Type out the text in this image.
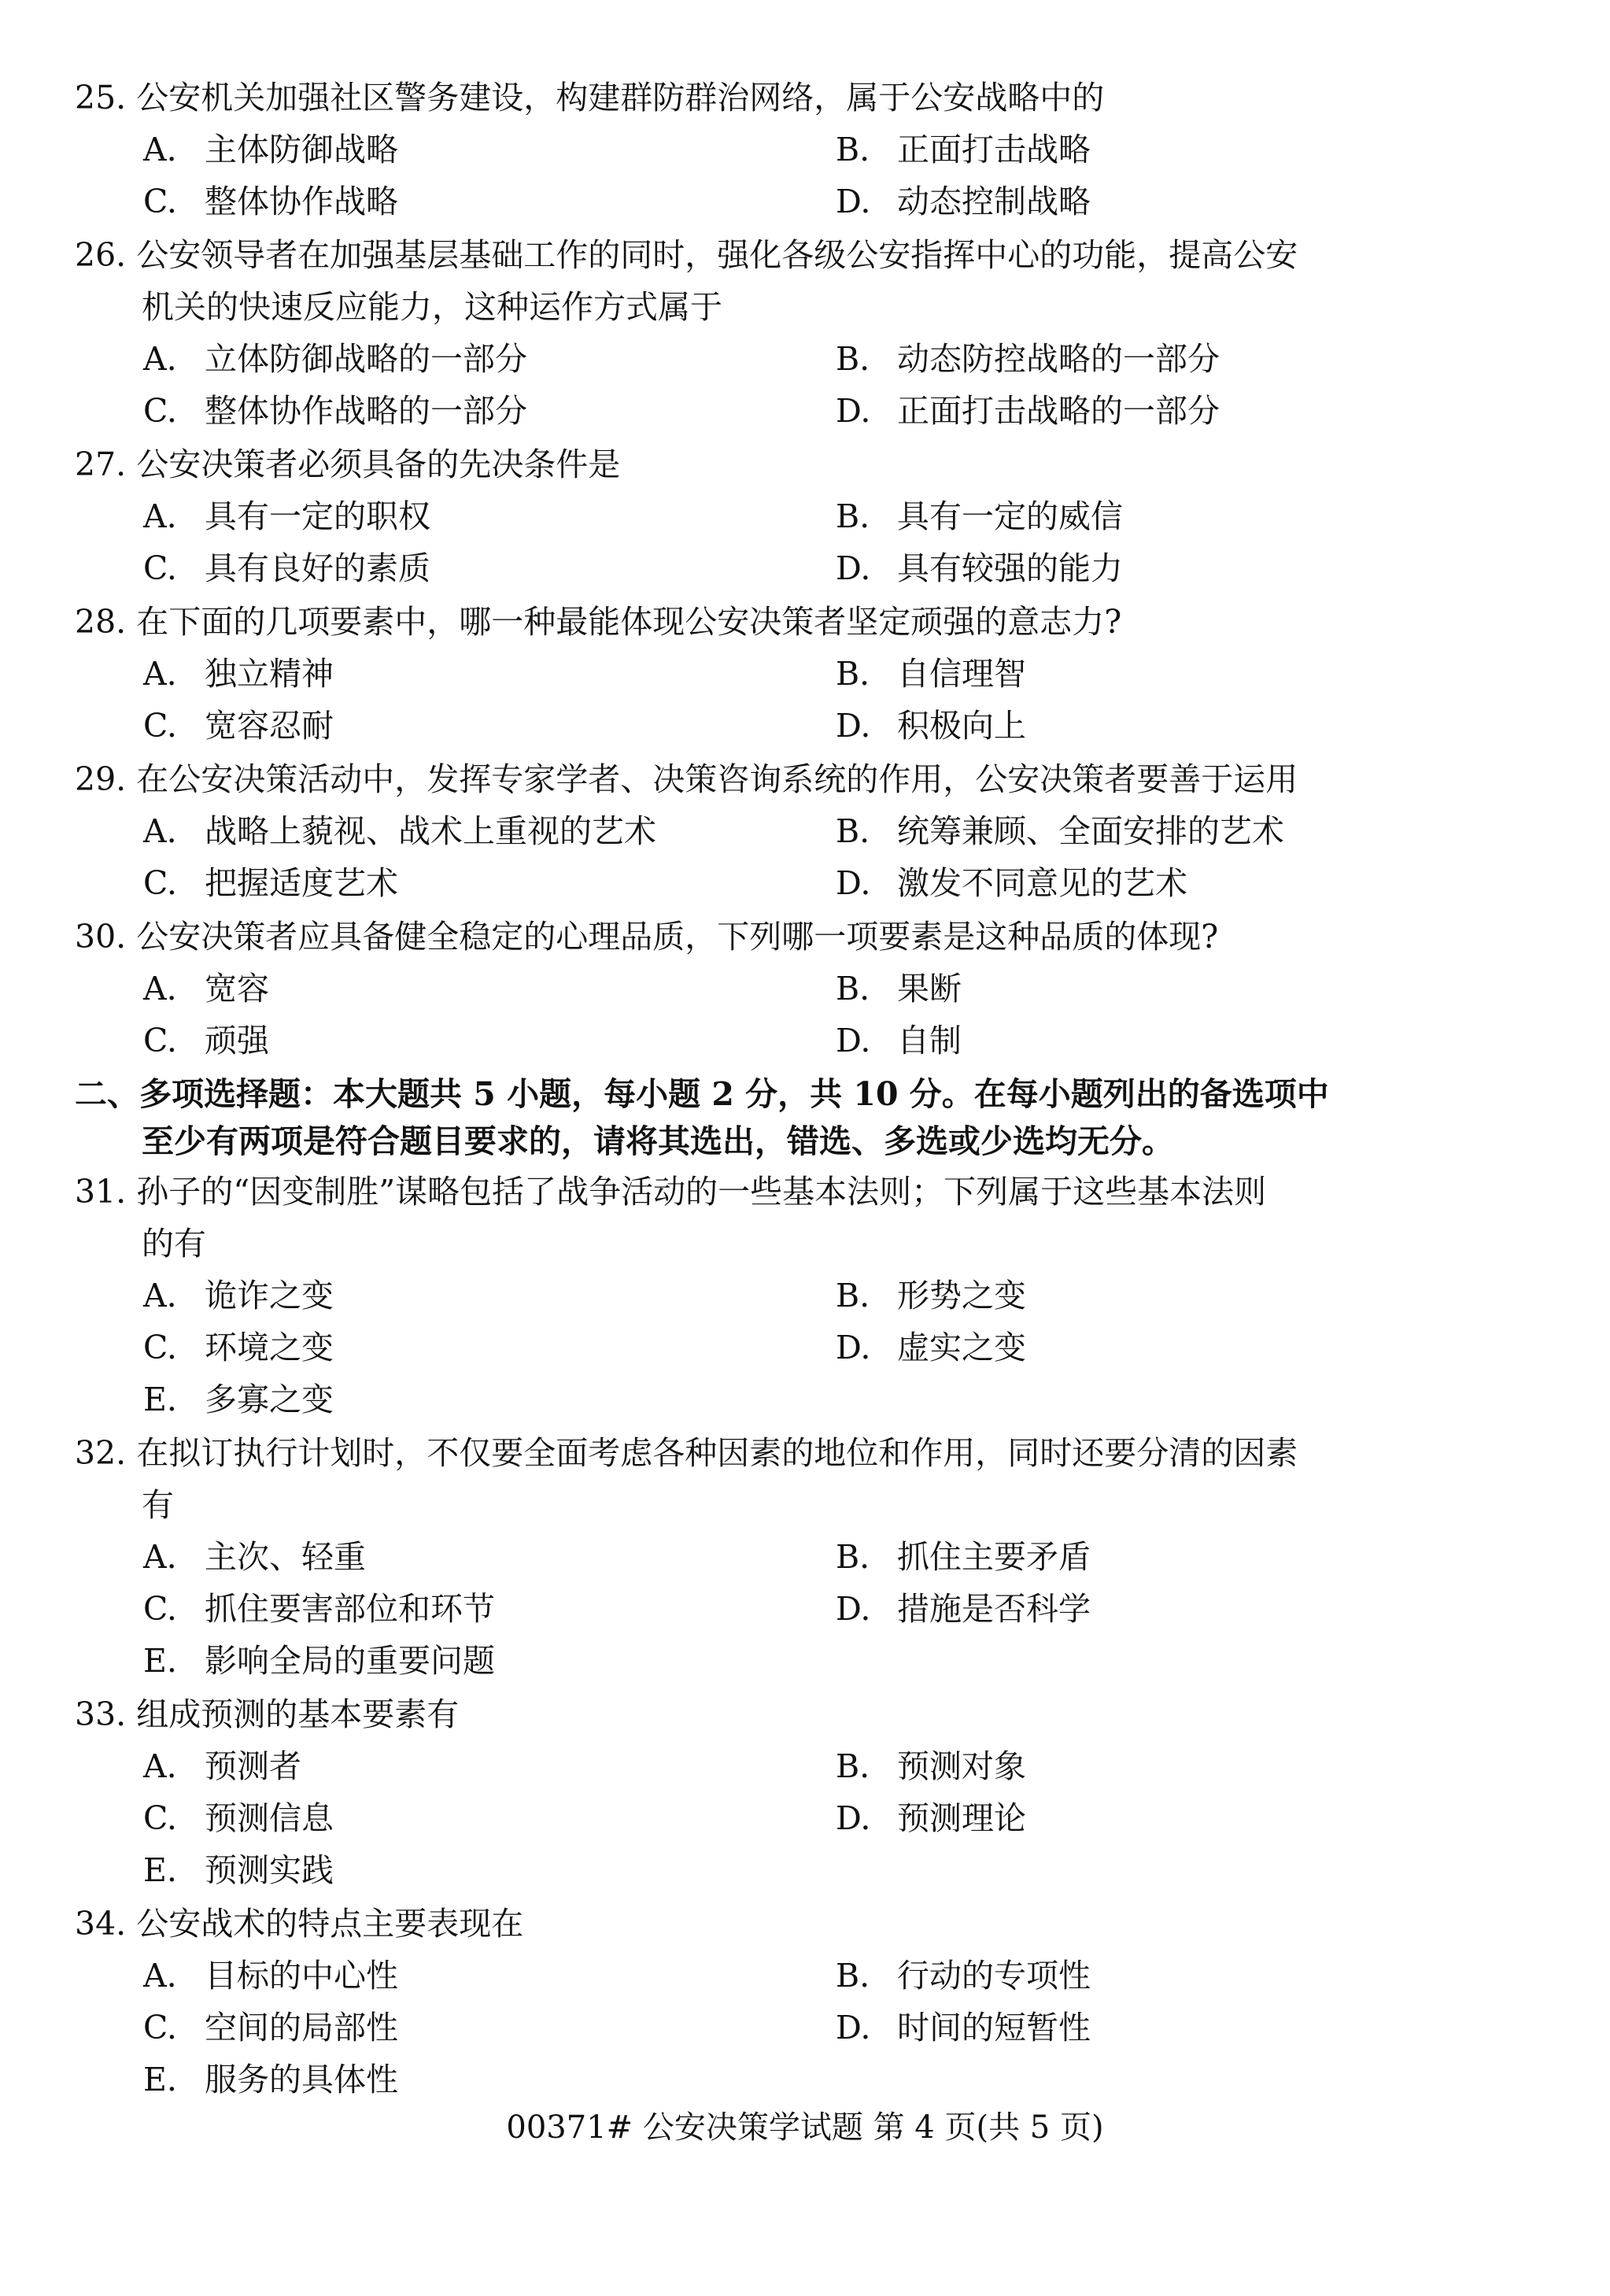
25. 公安机关加强社区警务建设，构建群防群治网络，属于公安战略中的
A. 主体防御战略	B. 正面打击战略
C. 整体协作战略	D. 动态控制战略
26. 公安领导者在加强基层基础工作的同时，强化各级公安指挥中心的功能，提高公安
机关的快速反应能力，这种运作方式属于
A. 立体防御战略的一部分	B. 动态防控战略的一部分
C. 整体协作战略的一部分	D. 正面打击战略的一部分
27. 公安决策者必须具备的先决条件是
A. 具有一定的职权	B. 具有一定的威信
C. 具有良好的素质	D. 具有较强的能力
28. 在下面的几项要素中，哪一种最能体现公安决策者坚定顽强的意志力?
A. 独立精神	B. 自信理智
C. 宽容忍耐	D. 积极向上
29. 在公安决策活动中，发挥专家学者、决策咨询系统的作用，公安决策者要善于运用
A. 战略上藐视、战术上重视的艺术	B. 统筹兼顾、全面安排的艺术
C. 把握适度艺术	D. 激发不同意见的艺术
30. 公安决策者应具备健全稳定的心理品质，下列哪一项要素是这种品质的体现?
A. 宽容	B. 果断
C. 顽强	D. 自制
二、多项选择题：本大题共 5 小题，每小题 2 分，共 10 分。在每小题列出的备选项中
至少有两项是符合题目要求的，请将其选出，错选、多选或少选均无分。
31. 孙子的“因变制胜”谋略包括了战争活动的一些基本法则；下列属于这些基本法则
的有
A. 诡诈之变	B. 形势之变
C. 环境之变	D. 虚实之变
E. 多寡之变
32. 在拟订执行计划时，不仅要全面考虑各种因素的地位和作用，同时还要分清的因素
有
A. 主次、轻重	B. 抓住主要矛盾
C. 抓住要害部位和环节	D. 措施是否科学
E. 影响全局的重要问题
33. 组成预测的基本要素有
A. 预测者	B. 预测对象
C. 预测信息	D. 预测理论
E. 预测实践
34. 公安战术的特点主要表现在
A. 目标的中心性	B. 行动的专项性
C. 空间的局部性	D. 时间的短暂性
E. 服务的具体性
00371# 公安决策学试题 第 4 页(共 5 页)
